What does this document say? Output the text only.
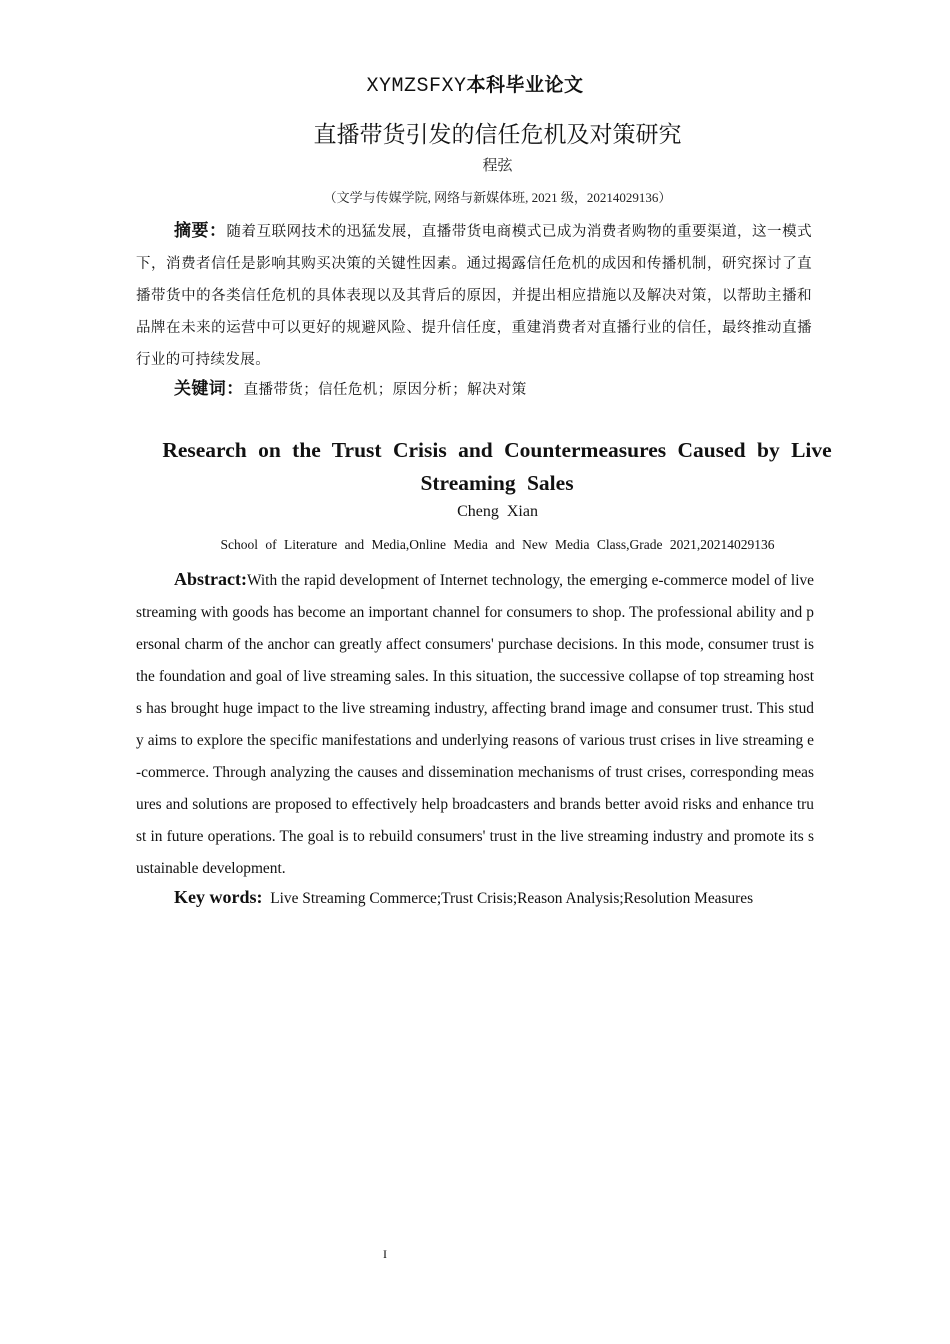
XYMZSFXY本科毕业论文
直播带货引发的信任危机及对策研究
程弦
（文学与传媒学院, 网络与新媒体班, 2021 级，20214029136）
摘要：随着互联网技术的迅猛发展，直播带货电商模式已成为消费者购物的重要渠道，这一模式下，消费者信任是影响其购买决策的关键性因素。通过揭露信任危机的成因和传播机制，研究探讨了直播带货中的各类信任危机的具体表现以及其背后的原因，并提出相应措施以及解决对策，以帮助主播和品牌在未来的运营中可以更好的规避风险、提升信任度，重建消费者对直播行业的信任，最终推动直播行业的可持续发展。
关键词：直播带货；信任危机；原因分析；解决对策
Research on the Trust Crisis and Countermeasures Caused by Live Streaming Sales
Cheng Xian
School of Literature and Media,Online Media and New Media Class,Grade 2021,20214029136
Abstract:With the rapid development of Internet technology, the emerging e-commerce model of live streaming with goods has become an important channel for consumers to shop. The professional ability and personal charm of the anchor can greatly affect consumers' purchase decisions. In this mode, consumer trust is the foundation and goal of live streaming sales. In this situation, the successive collapse of top streaming hosts has brought huge impact to the live streaming industry, affecting brand image and consumer trust. This study aims to explore the specific manifestations and underlying reasons of various trust crises in live streaming e-commerce. Through analyzing the causes and dissemination mechanisms of trust crises, corresponding measures and solutions are proposed to effectively help broadcasters and brands better avoid risks and enhance trust in future operations. The goal is to rebuild consumers' trust in the live streaming industry and promote its sustainable development.
Key words: Live Streaming Commerce;Trust Crisis;Reason Analysis;Resolution Measures
I
